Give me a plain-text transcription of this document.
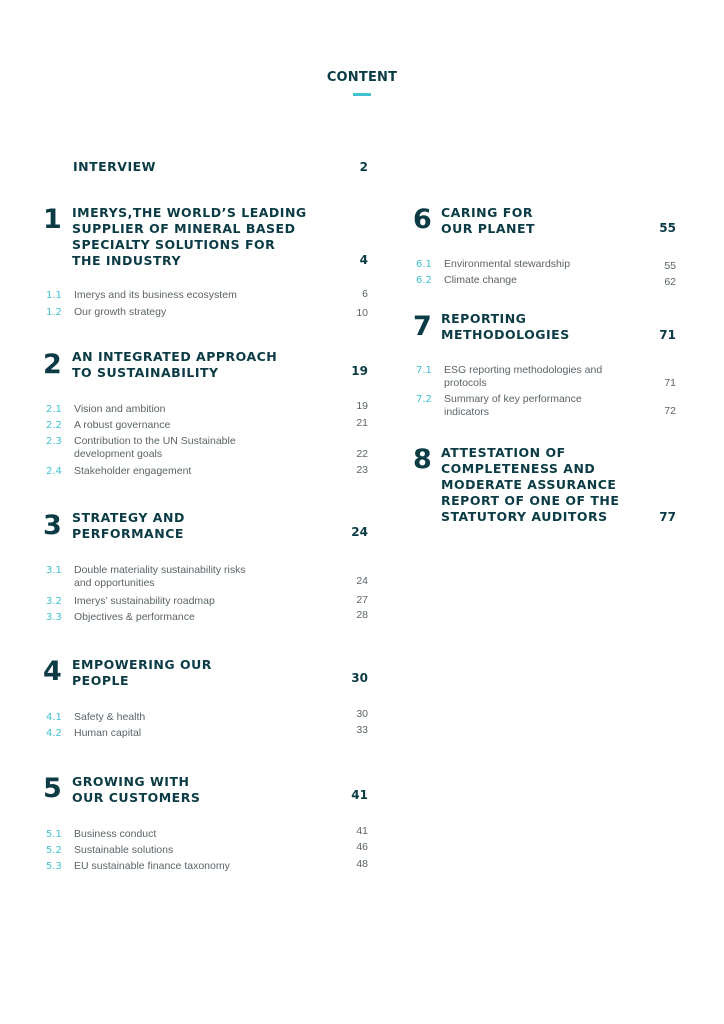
CONTENT
INTERVIEW	2
1 IMERYS,THE WORLD’S LEADING
SUPPLIER OF MINERAL BASED
SPECIALTY SOLUTIONS FOR
THE INDUSTRY	4
1.1	Imerys and its business ecosystem	6
1.2	Our growth strategy	10
2 AN INTEGRATED APPROACH
TO SUSTAINABILITY	19
2.1	Vision and ambition	19
2.2	A robust governance	21
2.3	Contribution to the UN Sustainable
development goals	22
2.4	Stakeholder engagement	23
3 STRATEGY AND
PERFORMANCE	24
3.1	Double materiality sustainability risks
and opportunities	24
3.2	Imerys’ sustainability roadmap	27
3.3	Objectives & performance	28
4 EMPOWERING OUR
PEOPLE	30
4.1	Safety & health	30
4.2	Human capital	33
5 GROWING WITH
OUR CUSTOMERS	41
5.1	Business conduct	41
5.2	Sustainable solutions	46
5.3	EU sustainable finance taxonomy	48
6 CARING FOR
OUR PLANET	55
6.1	Environmental stewardship	55
6.2	Climate change	62
7 REPORTING
METHODOLOGIES	71
7.1	ESG reporting methodologies and
protocols	71
7.2	Summary of key performance
indicators	72
8 ATTESTATION OF
COMPLETENESS AND
MODERATE ASSURANCE
REPORT OF ONE OF THE
STATUTORY AUDITORS	77
